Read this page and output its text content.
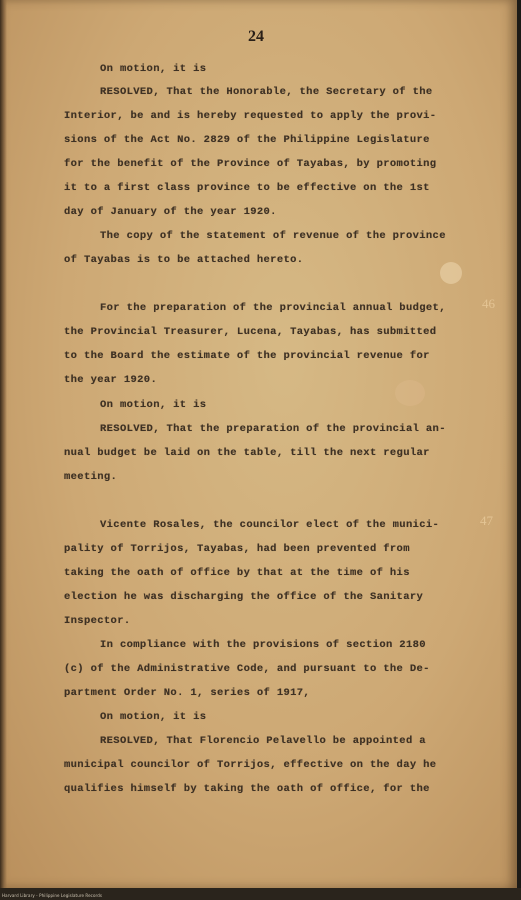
24
On motion, it is
RESOLVED, That the Honorable, the Secretary of the
Interior, be and is hereby requested to apply the provi-
sions of the Act No. 2829 of the Philippine Legislature
for the benefit of the Province of Tayabas, by promoting
it to a first class province to be effective on the 1st
day of January of the year 1920.
The copy of the statement of revenue of the province
of Tayabas is to be attached hereto.
46
For the preparation of the provincial annual budget,
the Provincial Treasurer, Lucena, Tayabas, has submitted
to the Board the estimate of the provincial revenue for
the year 1920.
On motion, it is
RESOLVED, That the preparation of the provincial an-
nual budget be laid on the table, till the next regular
meeting.
47
Vicente Rosales, the councilor elect of the munici-
pality of Torrijos, Tayabas, had been prevented from
taking the oath of office by that at the time of his
election he was discharging the office of the Sanitary
Inspector.
In compliance with the provisions of section 2180
(c) of the Administrative Code, and pursuant to the De-
partment Order No. 1, series of 1917,
On motion, it is
RESOLVED, That Florencio Pelavello be appointed a
municipal councilor of Torrijos, effective on the day he
qualifies himself by taking the oath of office, for the
Harvard Library - Philippine Legislature Records
